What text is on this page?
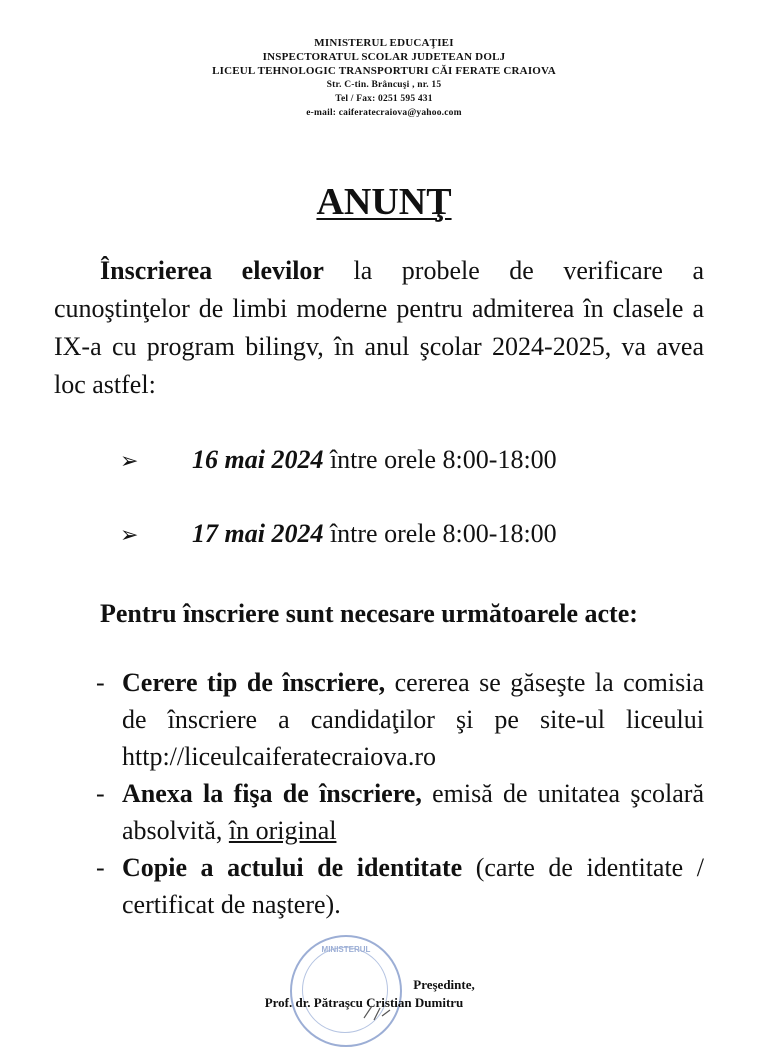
MINISTERUL EDUCAŢIEI
INSPECTORATUL SCOLAR JUDETEAN DOLJ
LICEUL TEHNOLOGIC TRANSPORTURI CĂI FERATE CRAIOVA
Str. C-tin. Brâncuşi , nr. 15
Tel / Fax: 0251 595 431
e-mail: caiferatecraiova@yahoo.com
ANUNŢ
Înscrierea elevilor la probele de verificare a cunoştinţelor de limbi moderne pentru admiterea în clasele a IX-a cu program bilingv, în anul şcolar 2024-2025, va avea loc astfel:
➢ 16 mai 2024 între orele 8:00-18:00
➢ 17 mai 2024 între orele 8:00-18:00
Pentru înscriere sunt necesare următoarele acte:
- Cerere tip de înscriere, cererea se găseşte la comisia de înscriere a candidaţilor şi pe site-ul liceului http://liceulcaiferatecraiova.ro
- Anexa la fişa de înscriere, emisă de unitatea şcolară absolvită, în original
- Copie a actului de identitate (carte de identitate / certificat de naştere).
MINISTERUL
Preşedinte,
Prof. dr. Pătraşcu Cristian Dumitru
